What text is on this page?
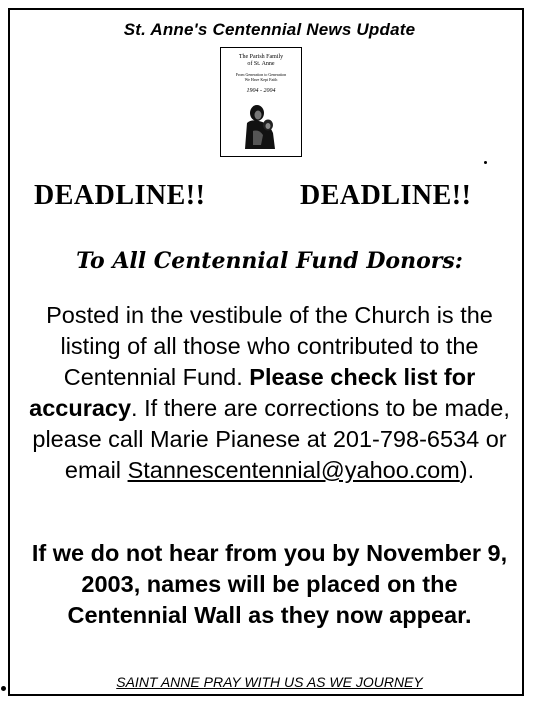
St. Anne's Centennial News Update
The Parish Family
of St. Anne
From Generation to Generation
We Have Kept Faith
1904 - 2004
DEADLINE!!	DEADLINE!!
To All Centennial Fund Donors:
Posted in the vestibule of the Church is the listing of all those who contributed to the Centennial Fund. Please check list for accuracy. If there are corrections to be made, please call Marie Pianese at 201-798-6534 or email Stannescentennial@yahoo.com).
If we do not hear from you by November 9, 2003, names will be placed on the Centennial Wall as they now appear.
SAINT ANNE PRAY WITH US AS WE JOURNEY
